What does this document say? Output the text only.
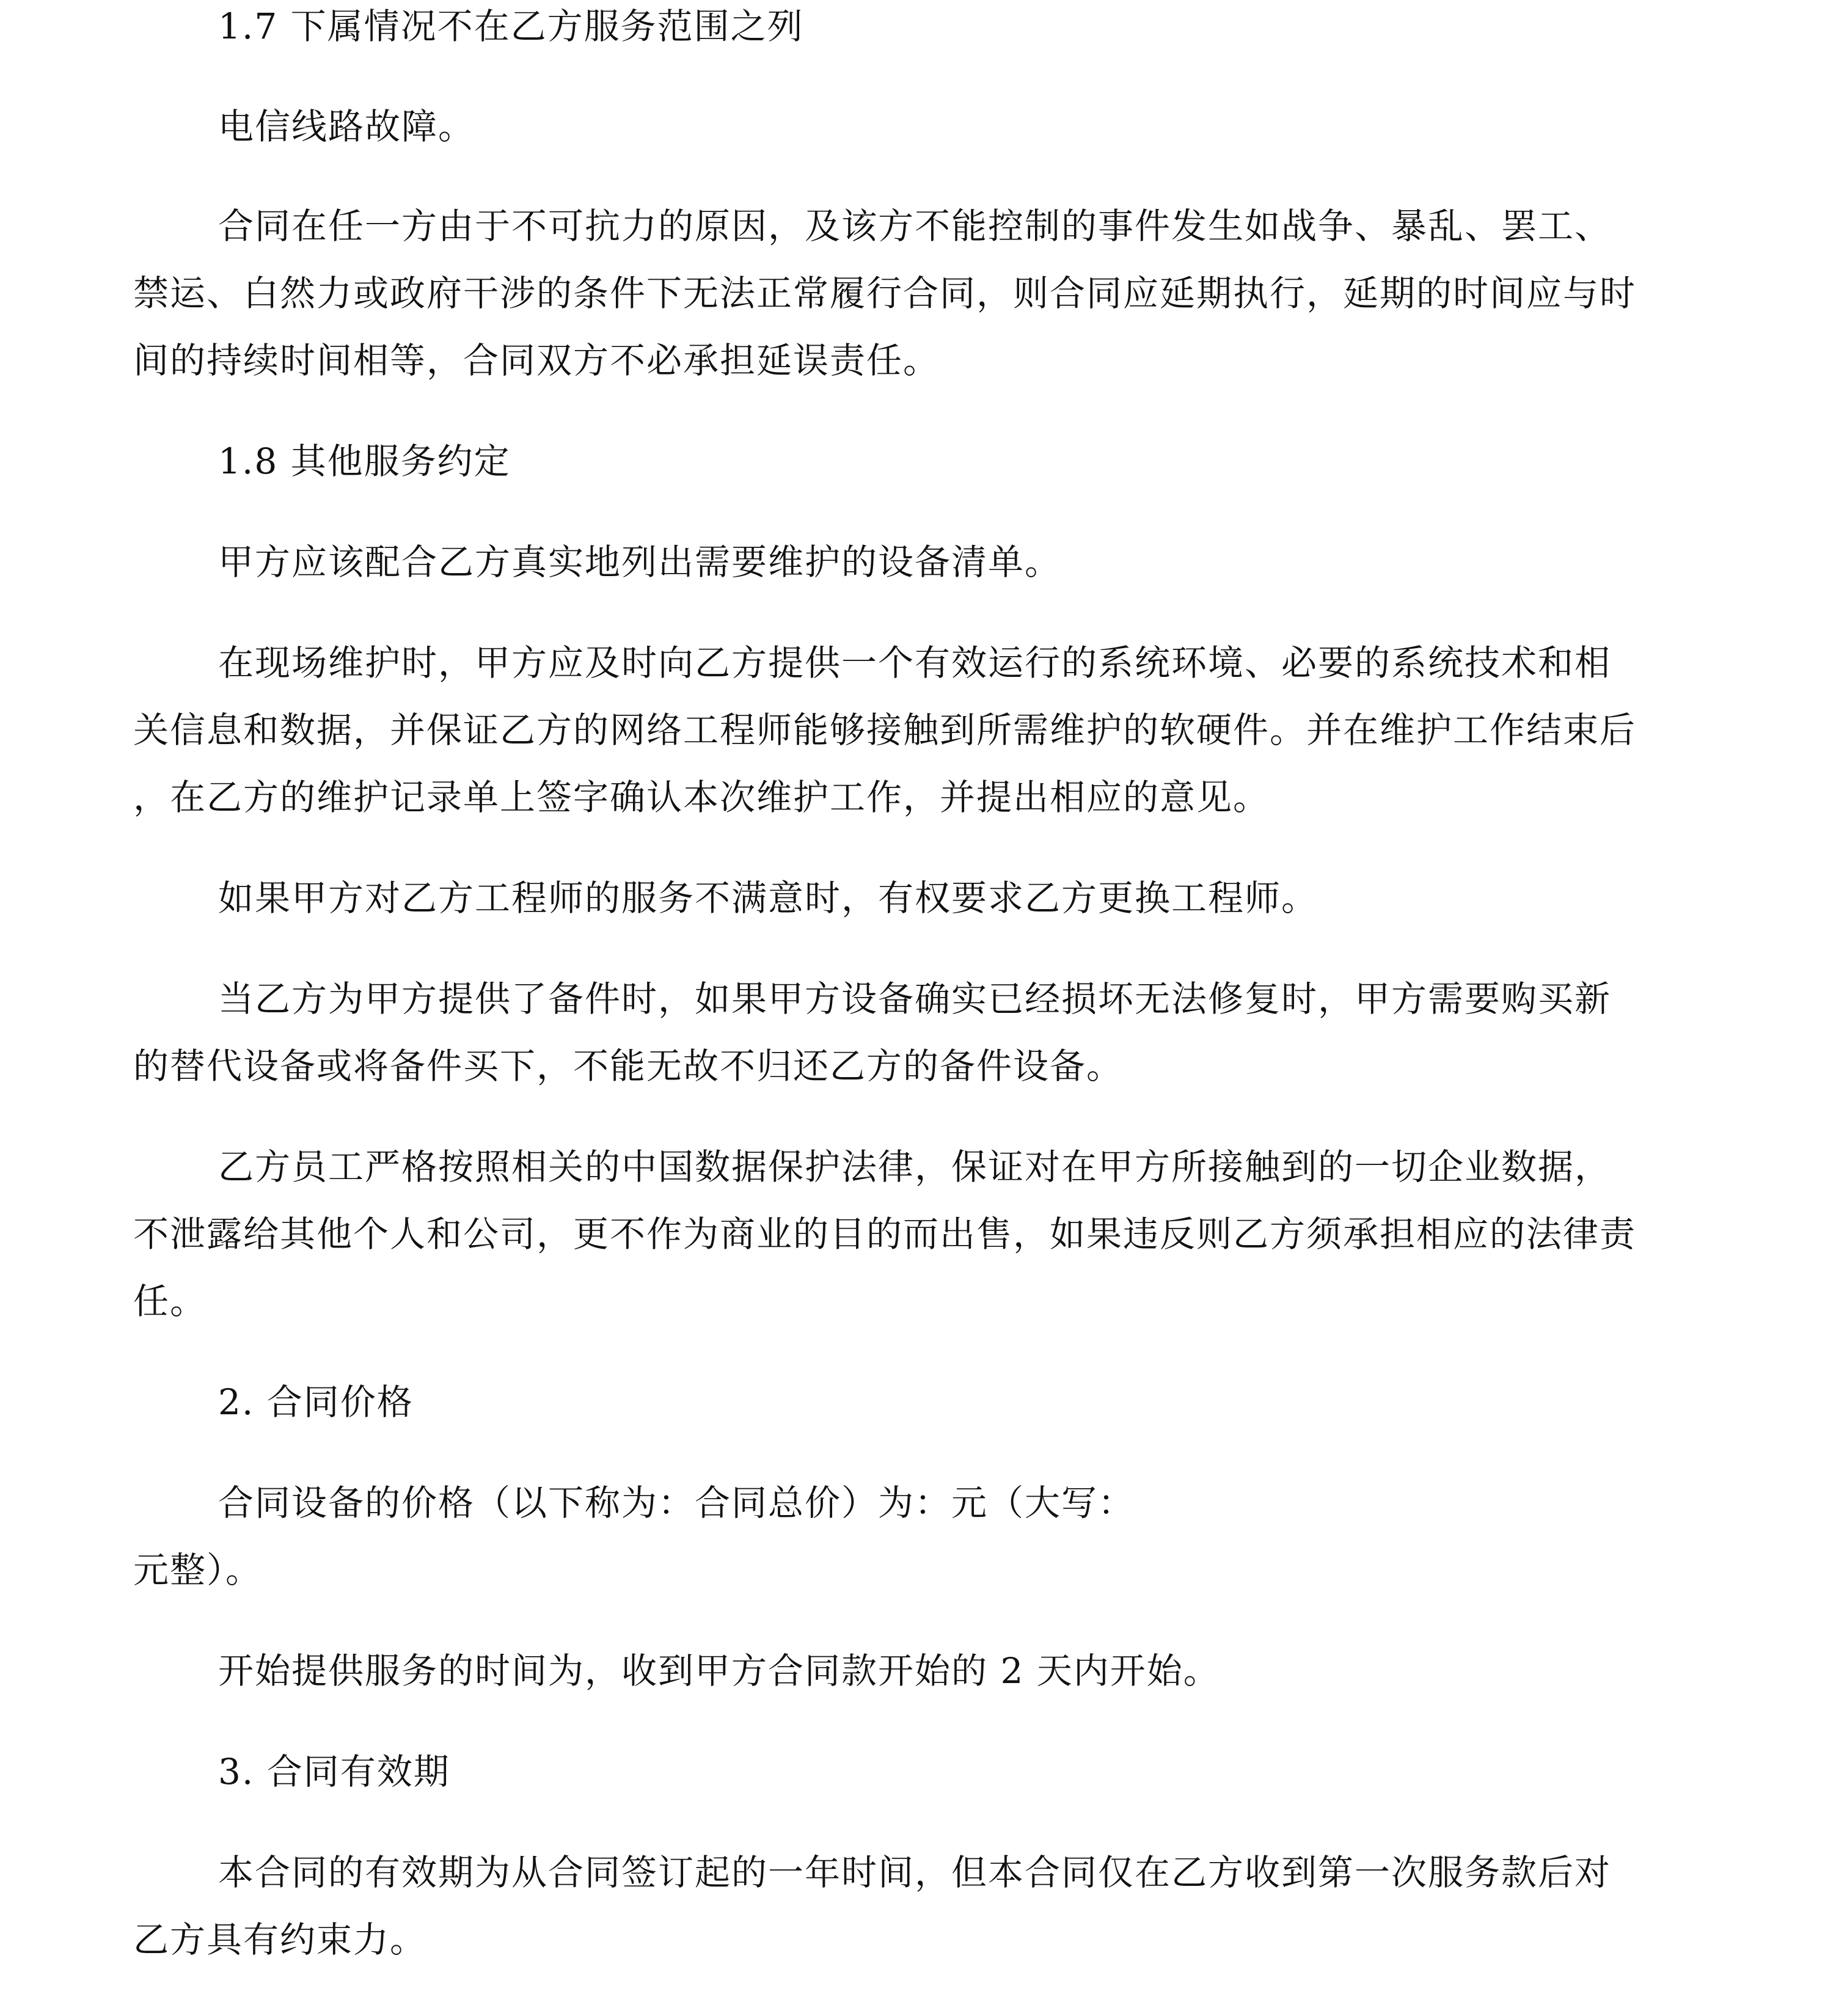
1.7 下属情况不在乙方服务范围之列
电信线路故障。
合同在任一方由于不可抗力的原因，及该方不能控制的事件发生如战争、暴乱、罢工、
禁运、白然力或政府干涉的条件下无法正常履行合同，则合同应延期执行，延期的时间应与时
间的持续时间相等，合同双方不必承担延误责任。
1.8 其他服务约定
甲方应该配合乙方真实地列出需要维护的设备清单。
在现场维护时，甲方应及时向乙方提供一个有效运行的系统环境、必要的系统技术和相
关信息和数据，并保证乙方的网络工程师能够接触到所需维护的软硬件。并在维护工作结束后
，在乙方的维护记录单上签字确认本次维护工作，并提出相应的意见。
如果甲方对乙方工程师的服务不满意时，有权要求乙方更换工程师。
当乙方为甲方提供了备件时，如果甲方设备确实已经损坏无法修复时，甲方需要购买新
的替代设备或将备件买下，不能无故不归还乙方的备件设备。
乙方员工严格按照相关的中国数据保护法律，保证对在甲方所接触到的一切企业数据，
不泄露给其他个人和公司，更不作为商业的目的而出售，如果违反则乙方须承担相应的法律责
任。
2. 合同价格
合同设备的价格（以下称为：合同总价）为：元（大写：
元整）。
开始提供服务的时间为，收到甲方合同款开始的 2 天内开始。
3. 合同有效期
本合同的有效期为从合同签订起的一年时间，但本合同仅在乙方收到第一次服务款后对
乙方具有约束力。
